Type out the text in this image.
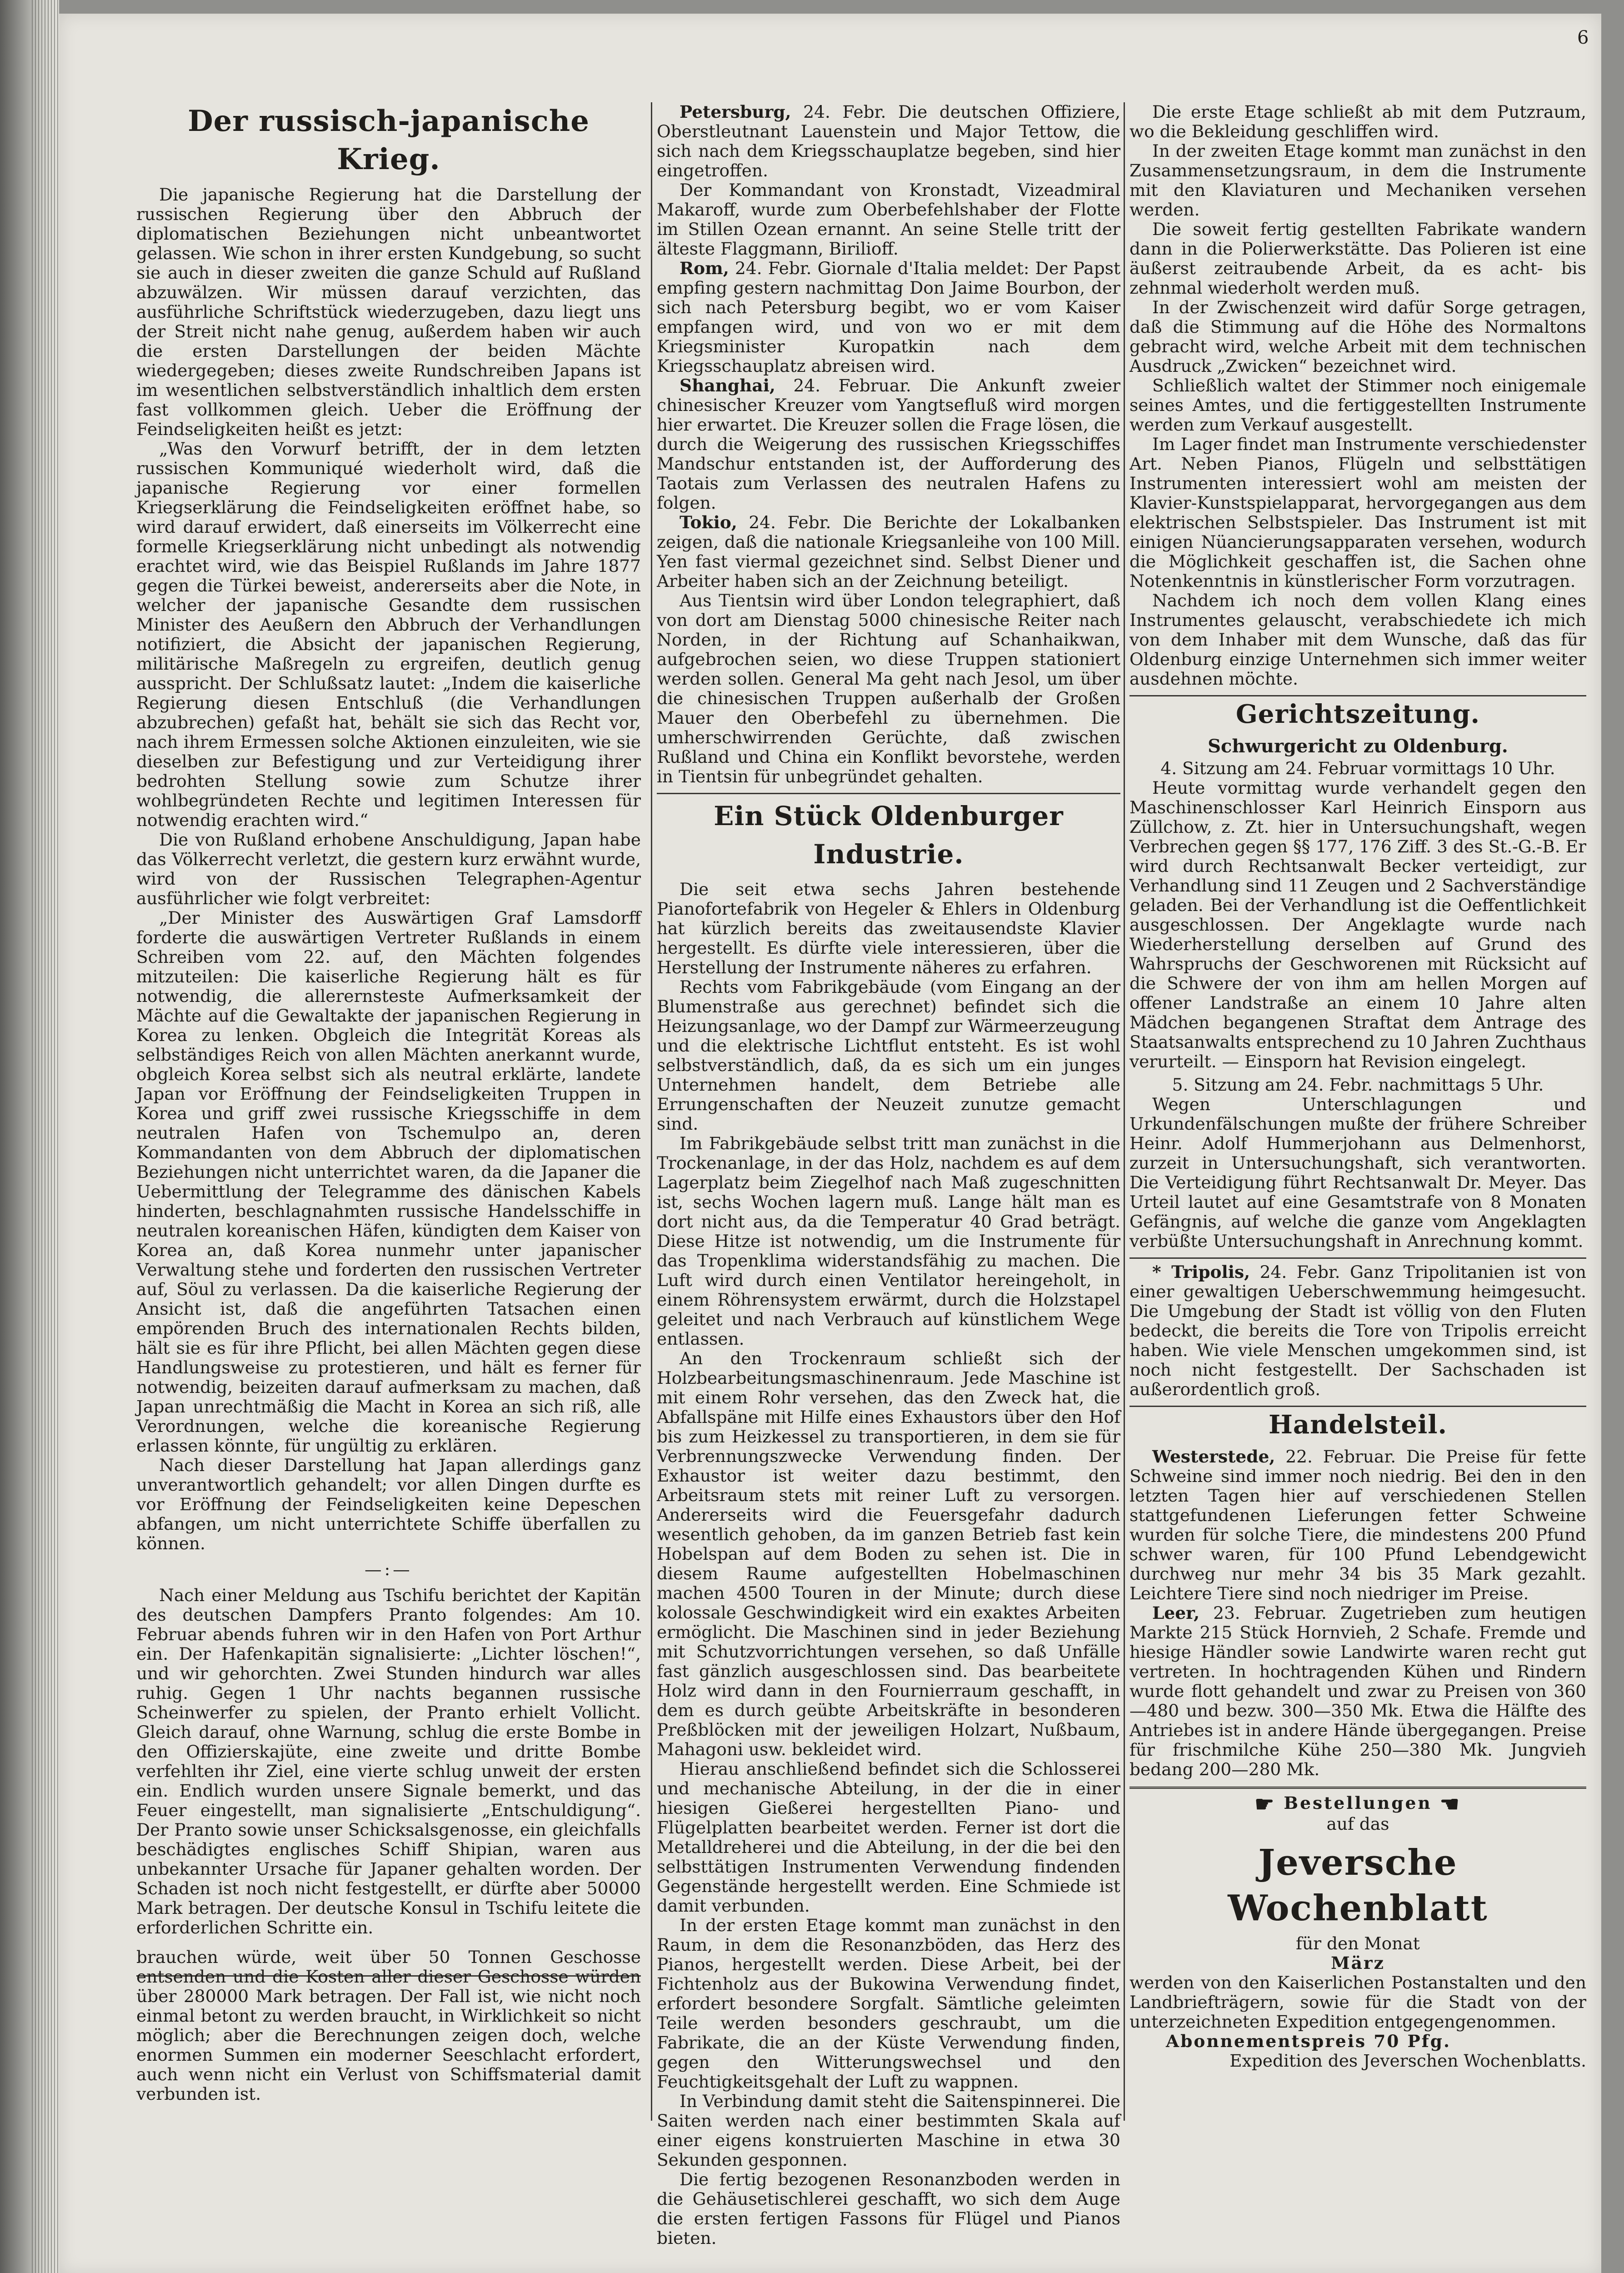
6
Der russisch-japanische Krieg.

Die japanische Regierung hat die Darstellung der russischen Regierung über den Abbruch der diplomatischen Beziehungen nicht unbeantwortet gelassen. Wie schon in ihrer ersten Kundgebung, so sucht sie auch in dieser zweiten die ganze Schuld auf Rußland abzuwälzen. Wir müssen darauf verzichten, das ausführliche Schriftstück wiederzugeben, dazu liegt uns der Streit nicht nahe genug, außerdem haben wir auch die ersten Darstellungen der beiden Mächte wiedergegeben; dieses zweite Rundschreiben Japans ist im wesentlichen selbstverständlich inhaltlich dem ersten fast vollkommen gleich. Ueber die Eröffnung der Feindseligkeiten heißt es jetzt:

„Was den Vorwurf betrifft, der in dem letzten russischen Kommuniqué wiederholt wird, daß die japanische Regierung vor einer formellen Kriegserklärung die Feindseligkeiten eröffnet habe, so wird darauf erwidert, daß einerseits im Völkerrecht eine formelle Kriegserklärung nicht unbedingt als notwendig erachtet wird, wie das Beispiel Rußlands im Jahre 1877 gegen die Türkei beweist, andererseits aber die Note, in welcher der japanische Gesandte dem russischen Minister des Aeußern den Abbruch der Verhandlungen notifiziert, die Absicht der japanischen Regierung, militärische Maßregeln zu ergreifen, deutlich genug ausspricht. Der Schlußsatz lautet: „Indem die kaiserliche Regierung diesen Entschluß (die Verhandlungen abzubrechen) gefaßt hat, behält sie sich das Recht vor, nach ihrem Ermessen solche Aktionen einzuleiten, wie sie dieselben zur Befestigung und zur Verteidigung ihrer bedrohten Stellung sowie zum Schutze ihrer wohlbegründeten Rechte und legitimen Interessen für notwendig erachten wird.“

Die von Rußland erhobene Anschuldigung, Japan habe das Völkerrecht verletzt, die gestern kurz erwähnt wurde, wird von der Russischen Telegraphen-Agentur ausführlicher wie folgt verbreitet:

„Der Minister des Auswärtigen Graf Lamsdorff forderte die auswärtigen Vertreter Rußlands in einem Schreiben vom 22. auf, den Mächten folgendes mitzuteilen: Die kaiserliche Regierung hält es für notwendig, die allerernsteste Aufmerksamkeit der Mächte auf die Gewaltakte der japanischen Regierung in Korea zu lenken. Obgleich die Integrität Koreas als selbständiges Reich von allen Mächten anerkannt wurde, obgleich Korea selbst sich als neutral erklärte, landete Japan vor Eröffnung der Feindseligkeiten Truppen in Korea und griff zwei russische Kriegsschiffe in dem neutralen Hafen von Tschemulpo an, deren Kommandanten von dem Abbruch der diplomatischen Beziehungen nicht unterrichtet waren, da die Japaner die Uebermittlung der Telegramme des dänischen Kabels hinderten, beschlagnahmten russische Handelsschiffe in neutralen koreanischen Häfen, kündigten dem Kaiser von Korea an, daß Korea nunmehr unter japanischer Verwaltung stehe und forderten den russischen Vertreter auf, Söul zu verlassen. Da die kaiserliche Regierung der Ansicht ist, daß die angeführten Tatsachen einen empörenden Bruch des internationalen Rechts bilden, hält sie es für ihre Pflicht, bei allen Mächten gegen diese Handlungsweise zu protestieren, und hält es ferner für notwendig, beizeiten darauf aufmerksam zu machen, daß Japan unrechtmäßig die Macht in Korea an sich riß, alle Verordnungen, welche die koreanische Regierung erlassen könnte, für ungültig zu erklären.

Nach dieser Darstellung hat Japan allerdings ganz unverantwortlich gehandelt; vor allen Dingen durfte es vor Eröffnung der Feindseligkeiten keine Depeschen abfangen, um nicht unterrichtete Schiffe überfallen zu können.

—:—

Nach einer Meldung aus Tschifu berichtet der Kapitän des deutschen Dampfers Pranto folgendes: Am 10. Februar abends fuhren wir in den Hafen von Port Arthur ein. Der Hafenkapitän signalisierte: „Lichter löschen!“, und wir gehorchten. Zwei Stunden hindurch war alles ruhig. Gegen 1 Uhr nachts begannen russische Scheinwerfer zu spielen, der Pranto erhielt Vollicht. Gleich darauf, ohne Warnung, schlug die erste Bombe in den Offizierskajüte, eine zweite und dritte Bombe verfehlten ihr Ziel, eine vierte schlug unweit der ersten ein. Endlich wurden unsere Signale bemerkt, und das Feuer eingestellt, man signalisierte „Entschuldigung“. Der Pranto sowie unser Schicksalsgenosse, ein gleichfalls beschädigtes englisches Schiff Shipian, waren aus unbekannter Ursache für Japaner gehalten worden. Der Schaden ist noch nicht festgestellt, er dürfte aber 50000 Mark betragen. Der deutsche Konsul in Tschifu leitete die erforderlichen Schritte ein.

brauchen würde, weit über 50 Tonnen Geschosse entsenden und die Kosten aller dieser Geschosse würden über 280000 Mark betragen. Der Fall ist, wie nicht noch einmal betont zu werden braucht, in Wirklichkeit so nicht möglich; aber die Berechnungen zeigen doch, welche enormen Summen ein moderner Seeschlacht erfordert, auch wenn nicht ein Verlust von Schiffsmaterial damit verbunden ist.

Petersburg, 24. Febr. Die deutschen Offiziere, Oberstleutnant Lauenstein und Major Tettow, die sich nach dem Kriegsschauplatze begeben, sind hier eingetroffen.

Der Kommandant von Kronstadt, Vizeadmiral Makaroff, wurde zum Oberbefehlshaber der Flotte im Stillen Ozean ernannt. An seine Stelle tritt der älteste Flaggmann, Birilioff.

Rom, 24. Febr. Giornale d'Italia meldet: Der Papst empfing gestern nachmittag Don Jaime Bourbon, der sich nach Petersburg begibt, wo er vom Kaiser empfangen wird, und von wo er mit dem Kriegsminister Kuropatkin nach dem Kriegsschauplatz abreisen wird.

Shanghai, 24. Februar. Die Ankunft zweier chinesischer Kreuzer vom Yangtsefluß wird morgen hier erwartet. Die Kreuzer sollen die Frage lösen, die durch die Weigerung des russischen Kriegsschiffes Mandschur entstanden ist, der Aufforderung des Taotais zum Verlassen des neutralen Hafens zu folgen.

Tokio, 24. Febr. Die Berichte der Lokalbanken zeigen, daß die nationale Kriegsanleihe von 100 Mill. Yen fast viermal gezeichnet sind. Selbst Diener und Arbeiter haben sich an der Zeichnung beteiligt.

Aus Tientsin wird über London telegraphiert, daß von dort am Dienstag 5000 chinesische Reiter nach Norden, in der Richtung auf Schanhaikwan, aufgebrochen seien, wo diese Truppen stationiert werden sollen. General Ma geht nach Jesol, um über die chinesischen Truppen außerhalb der Großen Mauer den Oberbefehl zu übernehmen. Die umherschwirrenden Gerüchte, daß zwischen Rußland und China ein Konflikt bevorstehe, werden in Tientsin für unbegründet gehalten.

Ein Stück Oldenburger Industrie.

Die seit etwa sechs Jahren bestehende Pianofortefabrik von Hegeler & Ehlers in Oldenburg hat kürzlich bereits das zweitausendste Klavier hergestellt. Es dürfte viele interessieren, über die Herstellung der Instrumente näheres zu erfahren.

Rechts vom Fabrikgebäude (vom Eingang an der Blumenstraße aus gerechnet) befindet sich die Heizungsanlage, wo der Dampf zur Wärmeerzeugung und die elektrische Lichtflut entsteht. Es ist wohl selbstverständlich, daß, da es sich um ein junges Unternehmen handelt, dem Betriebe alle Errungenschaften der Neuzeit zunutze gemacht sind.

Im Fabrikgebäude selbst tritt man zunächst in die Trockenanlage, in der das Holz, nachdem es auf dem Lagerplatz beim Ziegelhof nach Maß zugeschnitten ist, sechs Wochen lagern muß. Lange hält man es dort nicht aus, da die Temperatur 40 Grad beträgt. Diese Hitze ist notwendig, um die Instrumente für das Tropenklima widerstandsfähig zu machen. Die Luft wird durch einen Ventilator hereingeholt, in einem Röhrensystem erwärmt, durch die Holzstapel geleitet und nach Verbrauch auf künstlichem Wege entlassen.

An den Trockenraum schließt sich der Holzbearbeitungsmaschinenraum. Jede Maschine ist mit einem Rohr versehen, das den Zweck hat, die Abfallspäne mit Hilfe eines Exhaustors über den Hof bis zum Heizkessel zu transportieren, in dem sie für Verbrennungszwecke Verwendung finden. Der Exhaustor ist weiter dazu bestimmt, den Arbeitsraum stets mit reiner Luft zu versorgen. Andererseits wird die Feuersgefahr dadurch wesentlich gehoben, da im ganzen Betrieb fast kein Hobelspan auf dem Boden zu sehen ist. Die in diesem Raume aufgestellten Hobelmaschinen machen 4500 Touren in der Minute; durch diese kolossale Geschwindigkeit wird ein exaktes Arbeiten ermöglicht. Die Maschinen sind in jeder Beziehung mit Schutzvorrichtungen versehen, so daß Unfälle fast gänzlich ausgeschlossen sind. Das bearbeitete Holz wird dann in den Fournierraum geschafft, in dem es durch geübte Arbeitskräfte in besonderen Preßblöcken mit der jeweiligen Holzart, Nußbaum, Mahagoni usw. bekleidet wird.

Hierau anschließend befindet sich die Schlosserei und mechanische Abteilung, in der die in einer hiesigen Gießerei hergestellten Piano- und Flügelplatten bearbeitet werden. Ferner ist dort die Metalldreherei und die Abteilung, in der die bei den selbsttätigen Instrumenten Verwendung findenden Gegenstände hergestellt werden. Eine Schmiede ist damit verbunden.

In der ersten Etage kommt man zunächst in den Raum, in dem die Resonanzböden, das Herz des Pianos, hergestellt werden. Diese Arbeit, bei der Fichtenholz aus der Bukowina Verwendung findet, erfordert besondere Sorgfalt. Sämtliche geleimten Teile werden besonders geschraubt, um die Fabrikate, die an der Küste Verwendung finden, gegen den Witterungswechsel und den Feuchtigkeitsgehalt der Luft zu wappnen.

In Verbindung damit steht die Saitenspinnerei. Die Saiten werden nach einer bestimmten Skala auf einer eigens konstruierten Maschine in etwa 30 Sekunden gesponnen.

Die fertig bezogenen Resonanzboden werden in die Gehäusetischlerei geschafft, wo sich dem Auge die ersten fertigen Fassons für Flügel und Pianos bieten.

Die erste Etage schließt ab mit dem Putzraum, wo die Bekleidung geschliffen wird.

In der zweiten Etage kommt man zunächst in den Zusammensetzungsraum, in dem die Instrumente mit den Klaviaturen und Mechaniken versehen werden.

Die soweit fertig gestellten Fabrikate wandern dann in die Polierwerkstätte. Das Polieren ist eine äußerst zeitraubende Arbeit, da es acht- bis zehnmal wiederholt werden muß.

In der Zwischenzeit wird dafür Sorge getragen, daß die Stimmung auf die Höhe des Normaltons gebracht wird, welche Arbeit mit dem technischen Ausdruck „Zwicken“ bezeichnet wird.

Schließlich waltet der Stimmer noch einigemale seines Amtes, und die fertiggestellten Instrumente werden zum Verkauf ausgestellt.

Im Lager findet man Instrumente verschiedenster Art. Neben Pianos, Flügeln und selbsttätigen Instrumenten interessiert wohl am meisten der Klavier-Kunstspielapparat, hervorgegangen aus dem elektrischen Selbstspieler. Das Instrument ist mit einigen Nüancierungsapparaten versehen, wodurch die Möglichkeit geschaffen ist, die Sachen ohne Notenkenntnis in künstlerischer Form vorzutragen.

Nachdem ich noch dem vollen Klang eines Instrumentes gelauscht, verabschiedete ich mich von dem Inhaber mit dem Wunsche, daß das für Oldenburg einzige Unternehmen sich immer weiter ausdehnen möchte.

Gerichtszeitung.
Schwurgericht zu Oldenburg.

4. Sitzung am 24. Februar vormittags 10 Uhr.

Heute vormittag wurde verhandelt gegen den Maschinenschlosser Karl Heinrich Einsporn aus Züllchow, z. Zt. hier in Untersuchungshaft, wegen Verbrechen gegen §§ 177, 176 Ziff. 3 des St.-G.-B. Er wird durch Rechtsanwalt Becker verteidigt, zur Verhandlung sind 11 Zeugen und 2 Sachverständige geladen. Bei der Verhandlung ist die Oeffentlichkeit ausgeschlossen. Der Angeklagte wurde nach Wiederherstellung derselben auf Grund des Wahrspruchs der Geschworenen mit Rücksicht auf die Schwere der von ihm am hellen Morgen auf offener Landstraße an einem 10 Jahre alten Mädchen begangenen Straftat dem Antrage des Staatsanwalts entsprechend zu 10 Jahren Zuchthaus verurteilt. — Einsporn hat Revision eingelegt.

5. Sitzung am 24. Febr. nachmittags 5 Uhr.

Wegen Unterschlagungen und Urkundenfälschungen mußte der frühere Schreiber Heinr. Adolf Hummerjohann aus Delmenhorst, zurzeit in Untersuchungshaft, sich verantworten. Die Verteidigung führt Rechtsanwalt Dr. Meyer. Das Urteil lautet auf eine Gesamtstrafe von 8 Monaten Gefängnis, auf welche die ganze vom Angeklagten verbüßte Untersuchungshaft in Anrechnung kommt.

* Tripolis, 24. Febr. Ganz Tripolitanien ist von einer gewaltigen Ueberschwemmung heimgesucht. Die Umgebung der Stadt ist völlig von den Fluten bedeckt, die bereits die Tore von Tripolis erreicht haben. Wie viele Menschen umgekommen sind, ist noch nicht festgestellt. Der Sachschaden ist außerordentlich groß.

Handelsteil.

Westerstede, 22. Februar. Die Preise für fette Schweine sind immer noch niedrig. Bei den in den letzten Tagen hier auf verschiedenen Stellen stattgefundenen Lieferungen fetter Schweine wurden für solche Tiere, die mindestens 200 Pfund schwer waren, für 100 Pfund Lebendgewicht durchweg nur mehr 34 bis 35 Mark gezahlt. Leichtere Tiere sind noch niedriger im Preise.

Leer, 23. Februar. Zugetrieben zum heutigen Markte 215 Stück Hornvieh, 2 Schafe. Fremde und hiesige Händler sowie Landwirte waren recht gut vertreten. In hochtragenden Kühen und Rindern wurde flott gehandelt und zwar zu Preisen von 360—480 und bezw. 300—350 Mk. Etwa die Hälfte des Antriebes ist in andere Hände übergegangen. Preise für frischmilche Kühe 250—380 Mk. Jungvieh bedang 200—280 Mk.

☛ Bestellungen ☚

auf das

Jeversche Wochenblatt

für den Monat

März

werden von den Kaiserlichen Postanstalten und den Landbriefträgern, sowie für die Stadt von der unterzeichneten Expedition entgegengenommen.

Abonnementspreis 70 Pfg.

Expedition des Jeverschen Wochenblatts.
